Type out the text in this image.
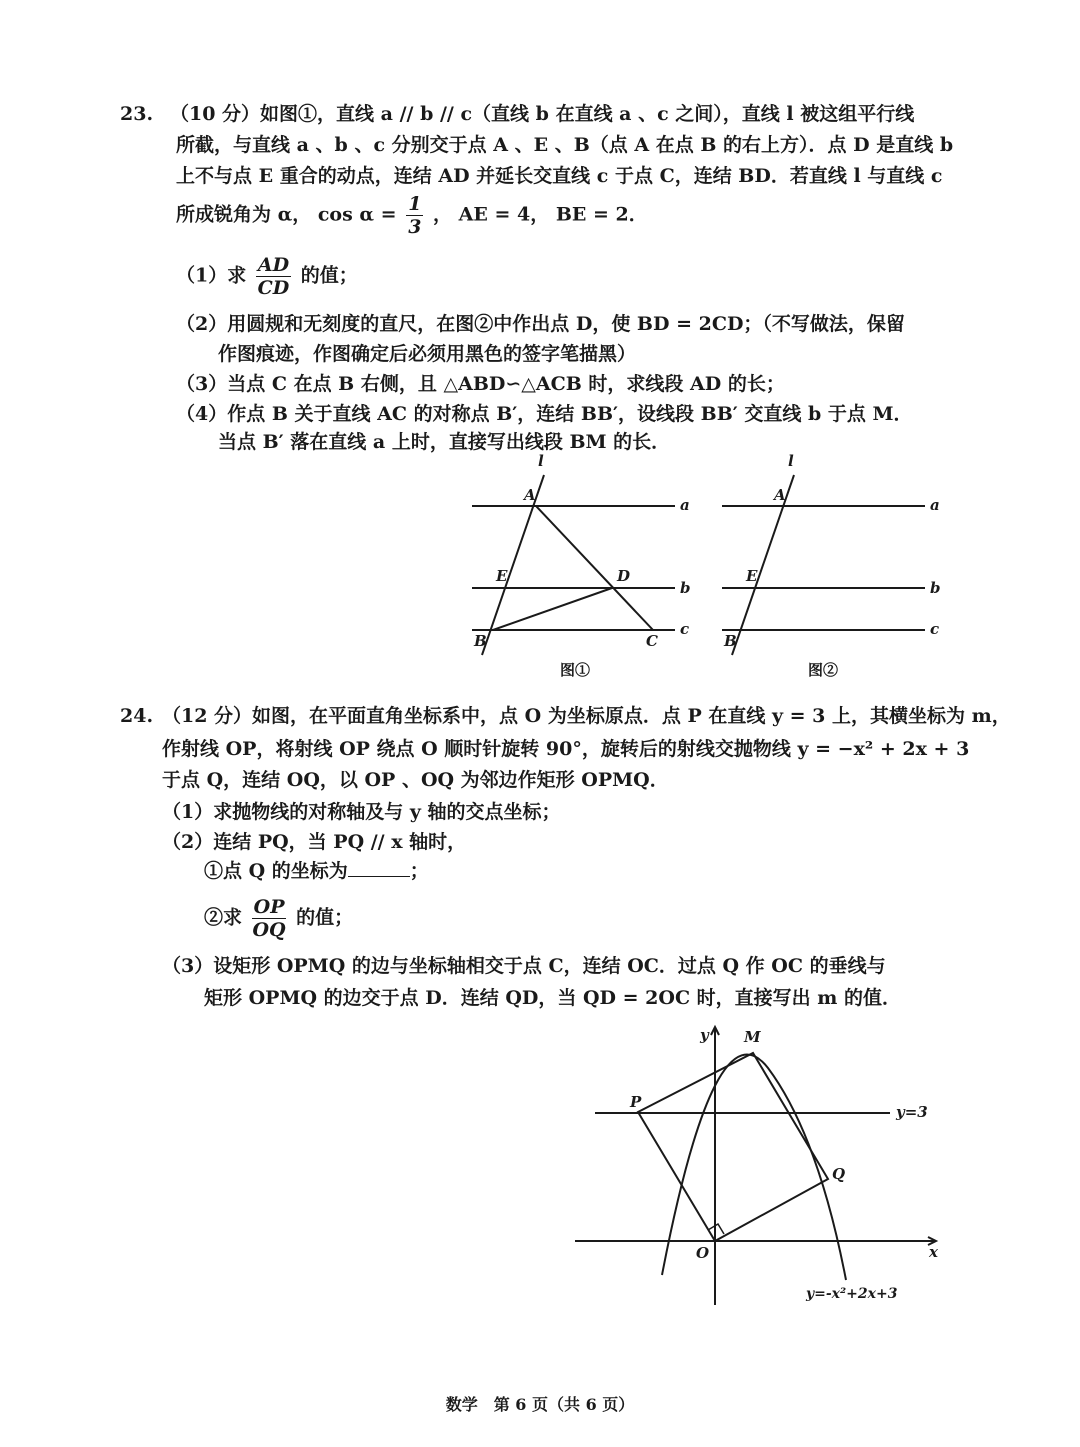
23. （10 分）如图①，直线 a // b // c（直线 b 在直线 a 、c 之间），直线 l 被这组平行线
所截，与直线 a 、b 、c 分别交于点 A 、E 、B（点 A 在点 B 的右上方）．点 D 是直线 b
上不与点 E 重合的动点，连结 AD 并延长交直线 c 于点 C，连结 BD．若直线 l 与直线 c
所成锐角为 α， $\cos \alpha = \frac{1}{3}$ ， AE = 4， BE = 2．
（1）求 $\frac{AD}{CD}$ 的值；
（2）用圆规和无刻度的直尺，在图②中作出点 D，使 BD = 2CD；（不写做法，保留
作图痕迹，作图确定后必须用黑色的签字笔描黑）
（3）当点 C 在点 B 右侧，且 △ABD∽△ACB 时，求线段 AD 的长；
（4）作点 B 关于直线 AC 的对称点 B′，连结 BB′，设线段 BB′ 交直线 b 于点 M．
当点 B′ 落在直线 a 上时，直接写出线段 BM 的长．
l
A
E	D
B	C
a
b
c
图①
l
A
E
B
a
b
c
图②
24. （12 分）如图，在平面直角坐标系中，点 O 为坐标原点．点 P 在直线 y = 3 上，其横坐标为 m，
作射线 OP，将射线 OP 绕点 O 顺时针旋转 90°，旋转后的射线交抛物线 y = −x² + 2x + 3
于点 Q，连结 OQ，以 OP 、OQ 为邻边作矩形 OPMQ．
（1）求抛物线的对称轴及与 y 轴的交点坐标；
（2）连结 PQ，当 PQ // x 轴时，
①点 Q 的坐标为	；
②求 $\frac{OP}{OQ}$ 的值；
（3）设矩形 OPMQ 的边与坐标轴相交于点 C，连结 OC．过点 Q 作 OC 的垂线与
矩形 OPMQ 的边交于点 D．连结 QD，当 QD = 2OC 时，直接写出 m 的值．
y M
P
Q
O	x
y=3
y=-x²+2x+3
数学　第 6 页（共 6 页）
